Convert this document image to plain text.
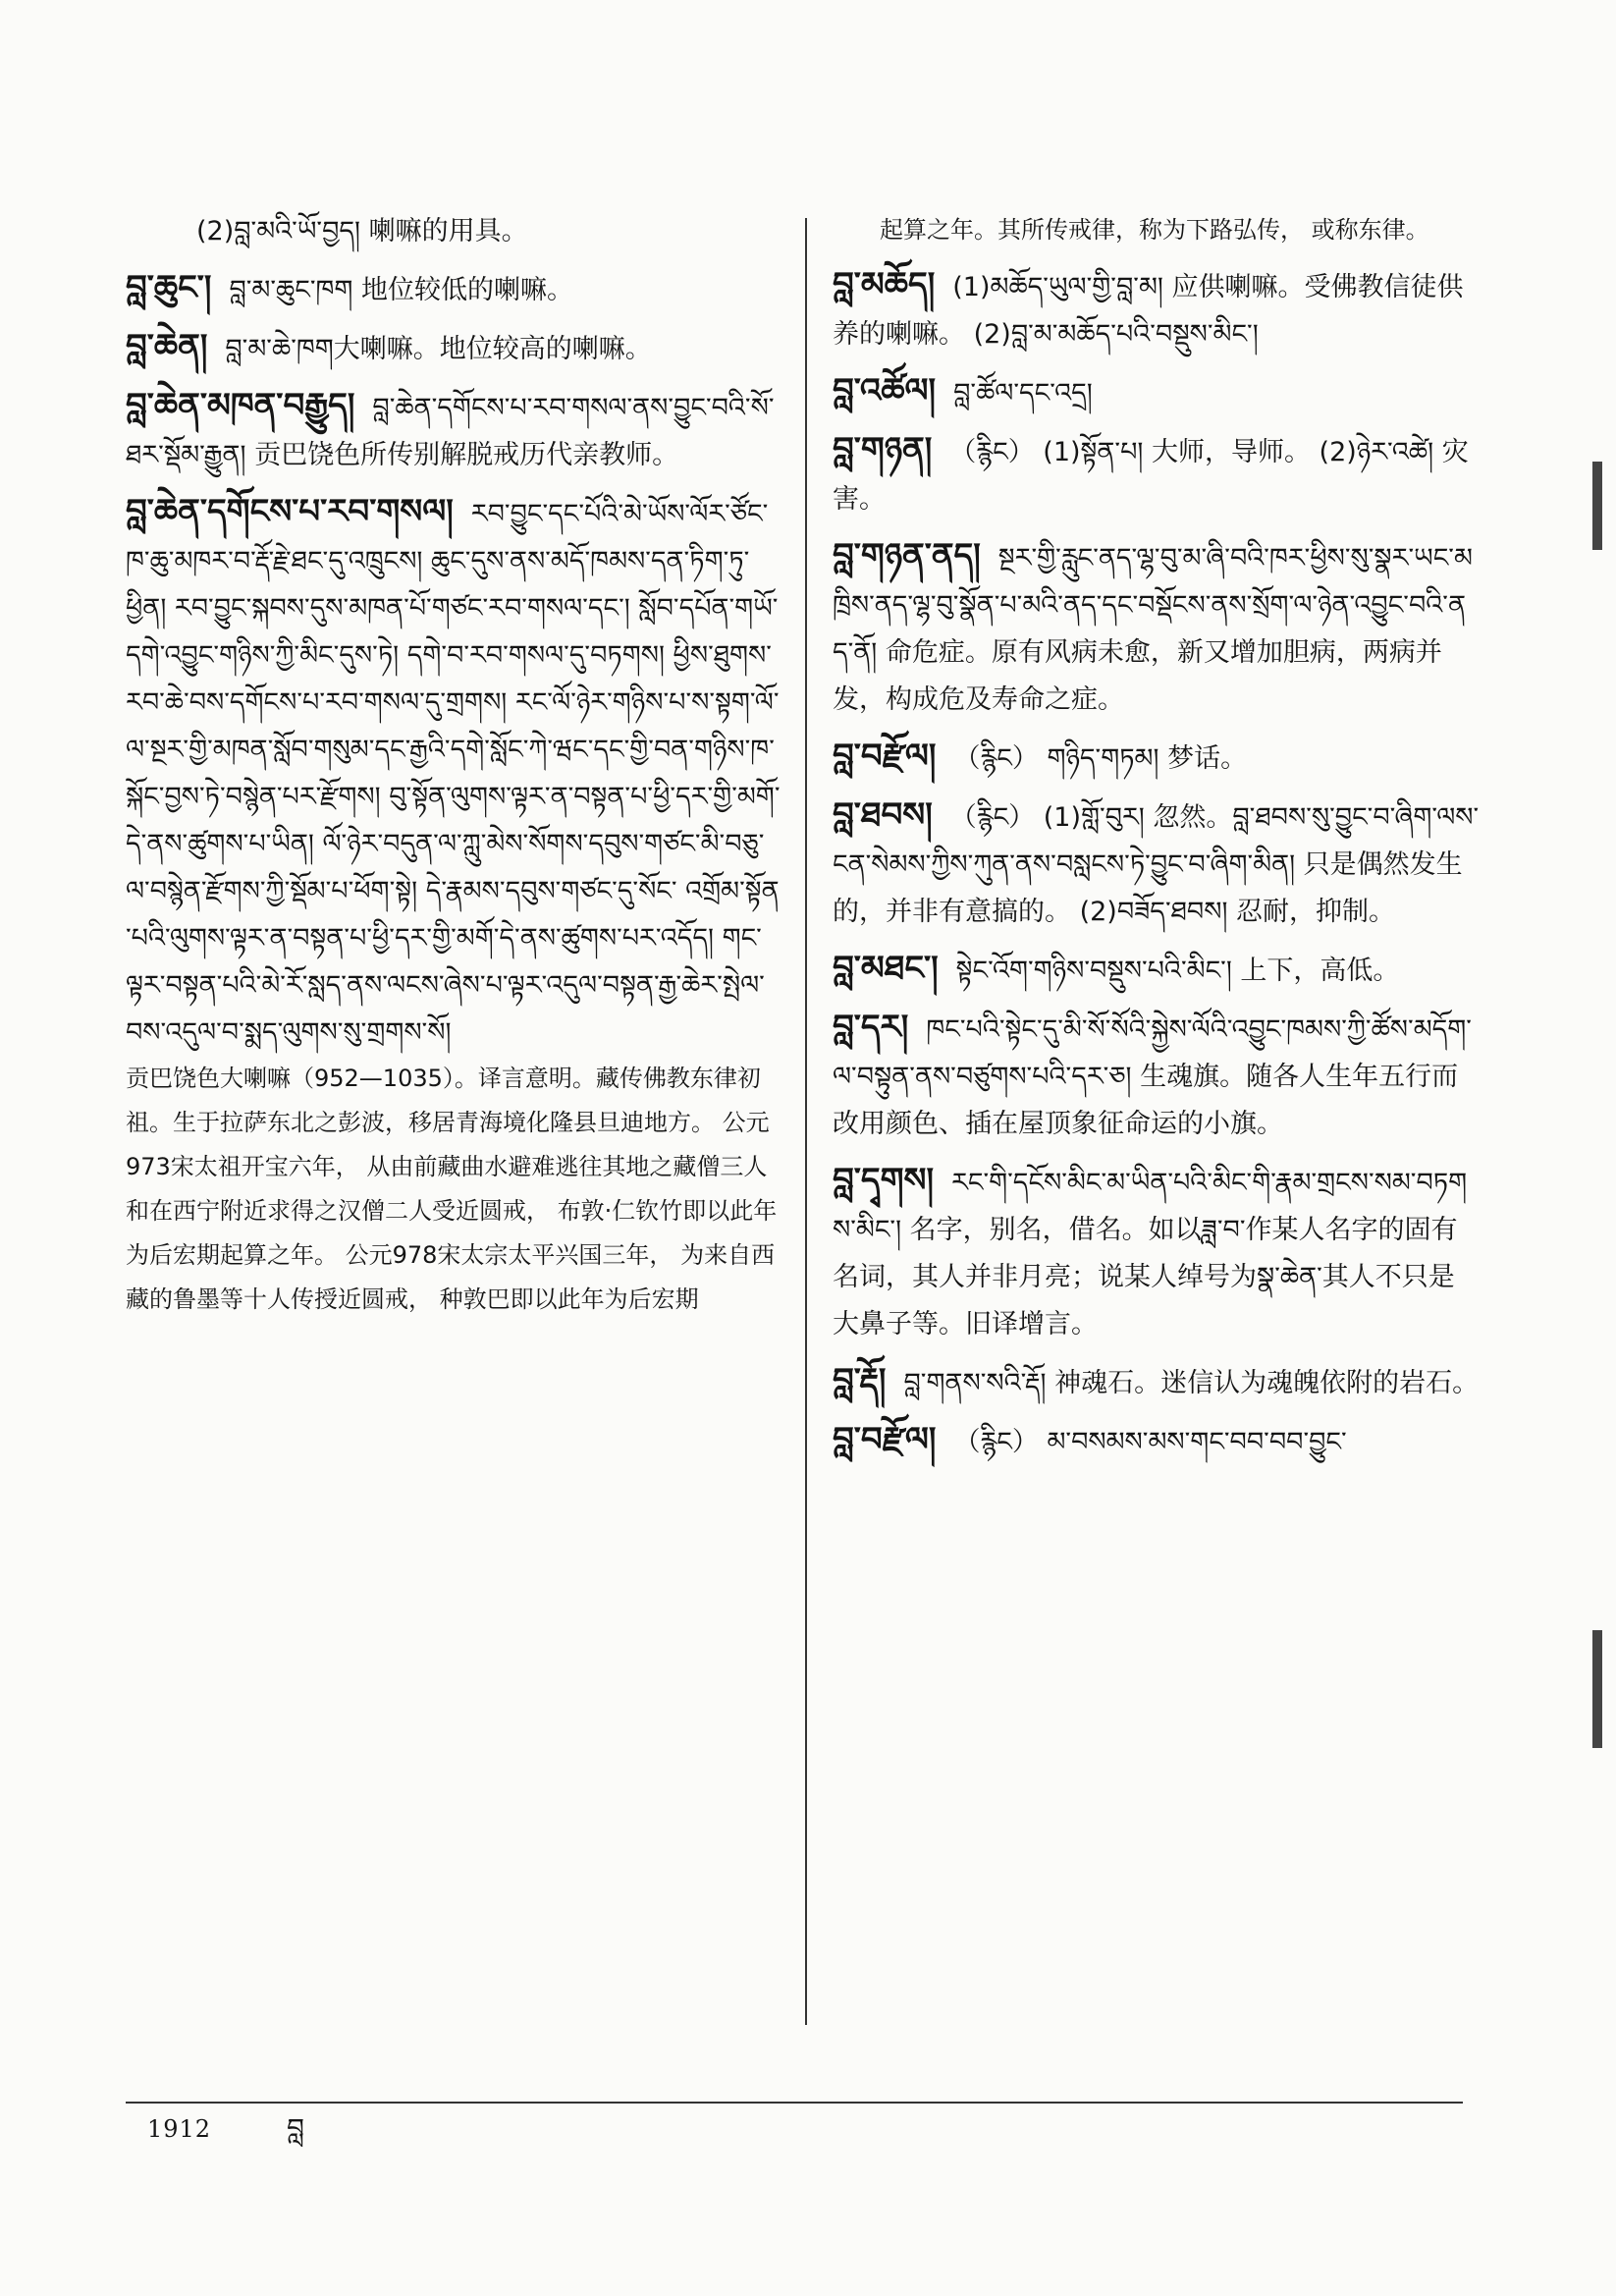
(2)བླ་མའི་ཡོ་བྱད། 喇嘛的用具。
བླ་ཆུང་། བླ་མ་ཆུང་ཁག 地位较低的喇嘛。
བླ་ཆེན། བླ་མ་ཆེ་ཁག大喇嘛。地位较高的喇嘛。
བླ་ཆེན་མཁན་བརྒྱུད། བླ་ཆེན་དགོངས་པ་རབ་གསལ་ནས་བྱུང་བའི་སོ་ཐར་སྡོམ་རྒྱུན། 贡巴饶色所传别解脱戒历代亲教师。
བླ་ཆེན་དགོངས་པ་རབ་གསལ། རབ་བྱུང་དང་པོའི་མེ་ཡོས་ལོར་ཙོང་ཁ་ཆུ་མཁར་བ་རྡོ་རྗེ་ཐང་དུ་འཁྲུངས། ཆུང་དུས་ནས་མདོ་ཁམས་དན་ཏིག་ཏུ་ཕྱིན། རབ་བྱུང་སྐབས་དུས་མཁན་པོ་གཙང་རབ་གསལ་དང་། སློབ་དཔོན་གཡོ་དགེ་འབྱུང་གཉིས་ཀྱི་མིང་དུས་ཏེ། དགེ་བ་རབ་གསལ་དུ་བཏགས། ཕྱིས་ཐུགས་རབ་ཆེ་བས་དགོངས་པ་རབ་གསལ་དུ་གྲགས། རང་ལོ་ཉེར་གཉིས་པ་ས་སྟག་ལོ་ལ་སྔར་གྱི་མཁན་སློབ་གསུམ་དང་རྒྱའི་དགེ་སློང་ཀེ་ཝང་དང་གྱི་བན་གཉིས་ཁ་སྐོང་བྱས་ཏེ་བསྙེན་པར་རྫོགས། བུ་སྟོན་ལུགས་ལྟར་ན་བསྟན་པ་ཕྱི་དར་གྱི་མགོ་དེ་ནས་ཚུགས་པ་ཡིན། ལོ་ཉེར་བདུན་ལ་ཀླུ་མེས་སོགས་དབུས་གཙང་མི་བཅུ་ལ་བསྙེན་རྫོགས་ཀྱི་སྡོམ་པ་ཕོག་སྟེ། དེ་རྣམས་དབུས་གཙང་དུ་སོང་ འགྲོམ་སྟོན་པའི་ལུགས་ལྟར་ན་བསྟན་པ་ཕྱི་དར་གྱི་མགོ་དེ་ནས་ཚུགས་པར་འདོད། གང་ལྟར་བསྟན་པའི་མེ་རོ་སླད་ནས་ལངས་ཞེས་པ་ལྟར་འདུལ་བསྟན་རྒྱ་ཆེར་སྤེལ་བས་འདུལ་བ་སྨད་ལུགས་སུ་གྲགས་སོ།
贡巴饶色大喇嘛（952—1035）。译言意明。藏传佛教东律初祖。生于拉萨东北之彭波，移居青海境化隆县旦迪地方。 公元973宋太祖开宝六年， 从由前藏曲水避难逃往其地之藏僧三人和在西宁附近求得之汉僧二人受近圆戒， 布敦·仁钦竹即以此年为后宏期起算之年。 公元978宋太宗太平兴国三年， 为来自西藏的鲁墨等十人传授近圆戒， 种敦巴即以此年为后宏期
起算之年。其所传戒律，称为下路弘传， 或称东律。
བླ་མཆོད། (1)མཆོད་ཡུལ་གྱི་བླ་མ། 应供喇嘛。受佛教信徒供养的喇嘛。 (2)བླ་མ་མཆོད་པའི་བསྡུས་མིང་།
བླ་འཚོལ། བླ་ཚོལ་དང་འདྲ།
བླ་གཉན། （རྙིང） (1)སྟོན་པ། 大师，导师。 (2)ཉེར་འཚེ། 灾害。
བླ་གཉན་ནད། སྔར་གྱི་རླུང་ནད་ལྷ་བུ་མ་ཞི་བའི་ཁར་ཕྱིས་སུ་སྣར་ཡང་མཁྲིས་ནད་ལྷ་བུ་སྣོན་པ་མའི་ནད་དང་བསྡོངས་ནས་སྲོག་ལ་ཉེན་འབྱུང་བའི་ནད་ནོ། 命危症。原有风病未愈，新又增加胆病，两病并发，构成危及寿命之症。
བླ་བརྫོལ། （རྙིང） གཉིད་གཏམ། 梦话。
བླ་ཐབས། （རྙིང） (1)གློ་བུར། 忽然。བླ་ཐབས་སུ་བྱུང་བ་ཞིག་ལས་ངན་སེམས་ཀྱིས་ཀུན་ནས་བསླངས་ཏེ་བྱུང་བ་ཞིག་མིན། 只是偶然发生的，并非有意搞的。 (2)བཟོད་ཐབས། 忍耐，抑制。
བླ་མཐང་། སྟེང་འོག་གཉིས་བསྡུས་པའི་མིང་། 上下，高低。
བླ་དར། ཁང་པའི་སྟེང་དུ་མི་སོ་སོའི་སྐྱེས་ལོའི་འབྱུང་ཁམས་ཀྱི་ཚོས་མདོག་ལ་བསྟུན་ནས་བཙུགས་པའི་དར་ཅ། 生魂旗。随各人生年五行而改用颜色、插在屋顶象征命运的小旗。
བླ་དྭགས། རང་གི་དངོས་མིང་མ་ཡིན་པའི་མིང་གི་རྣམ་གྲངས་སམ་བཏགས་མིང་། 名字，别名，借名。如以ཟླ་བ་作某人名字的固有名词，其人并非月亮；说某人绰号为སྣ་ཆེན་其人不只是大鼻子等。旧译增言。
བླ་རྡོ། བླ་གནས་སའི་རྡོ། 神魂石。迷信认为魂魄依附的岩石。
བླ་བརྫོལ། （རྙིང） མ་བསམས་མས་གང་བབ་བབ་བྱུང་
1912	བླ
